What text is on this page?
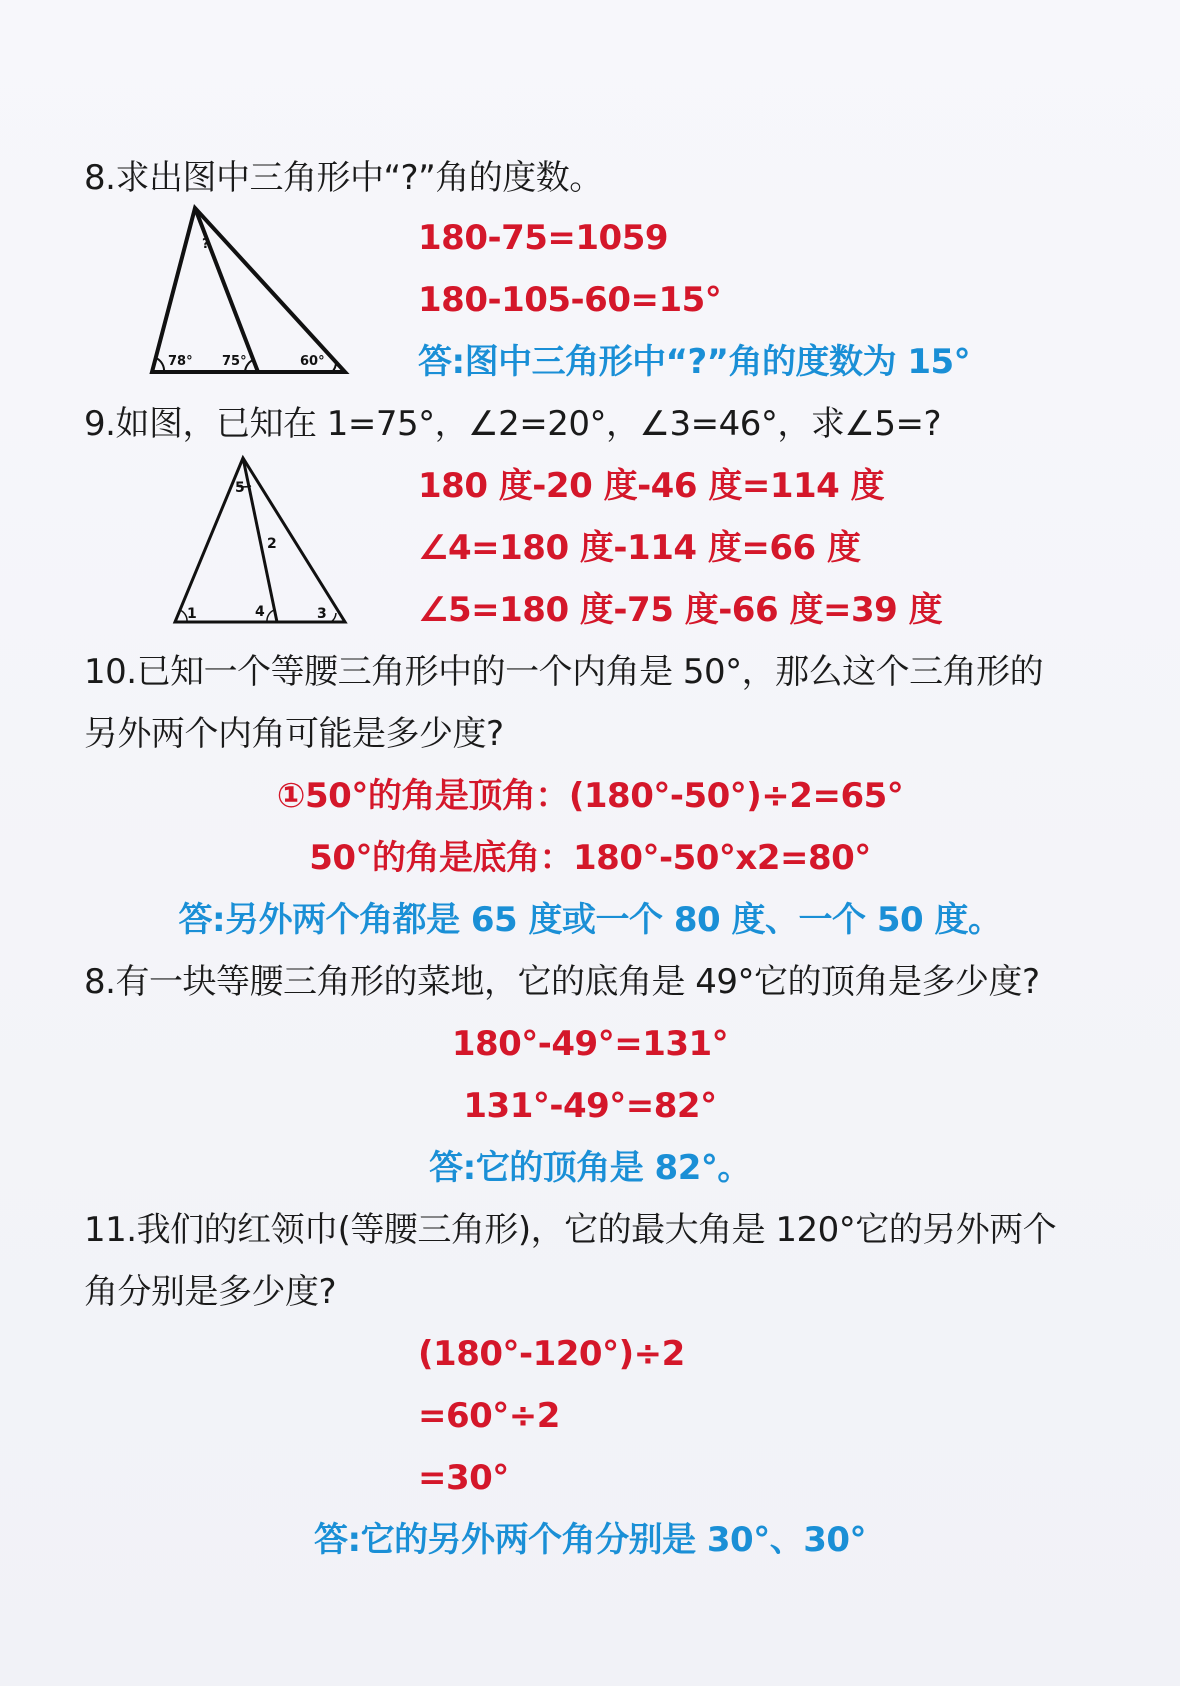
8.求出图中三角形中“?”角的度数。
78° 75°	60°
?	180-75=1059
180-105-60=15°
答:图中三角形中“?”角的度数为 15°
9.如图，已知在 1=75°，∠2=20°，∠3=46°，求∠5=?
5
2
1	4	3
180 度-20 度-46 度=114 度
∠4=180 度-114 度=66 度
∠5=180 度-75 度-66 度=39 度
10.已知一个等腰三角形中的一个内角是 50°，那么这个三角形的
另外两个内角可能是多少度?
①50°的角是顶角：(180°-50°)÷2=65°
50°的角是底角：180°-50°x2=80°
答:另外两个角都是 65 度或一个 80 度、一个 50 度。
8.有一块等腰三角形的菜地，它的底角是 49°它的顶角是多少度?
180°-49°=131°
131°-49°=82°
答:它的顶角是 82°。
11.我们的红领巾(等腰三角形)，它的最大角是 120°它的另外两个
角分别是多少度?
(180°-120°)÷2
=60°÷2
=30°
答:它的另外两个角分别是 30°、30°
